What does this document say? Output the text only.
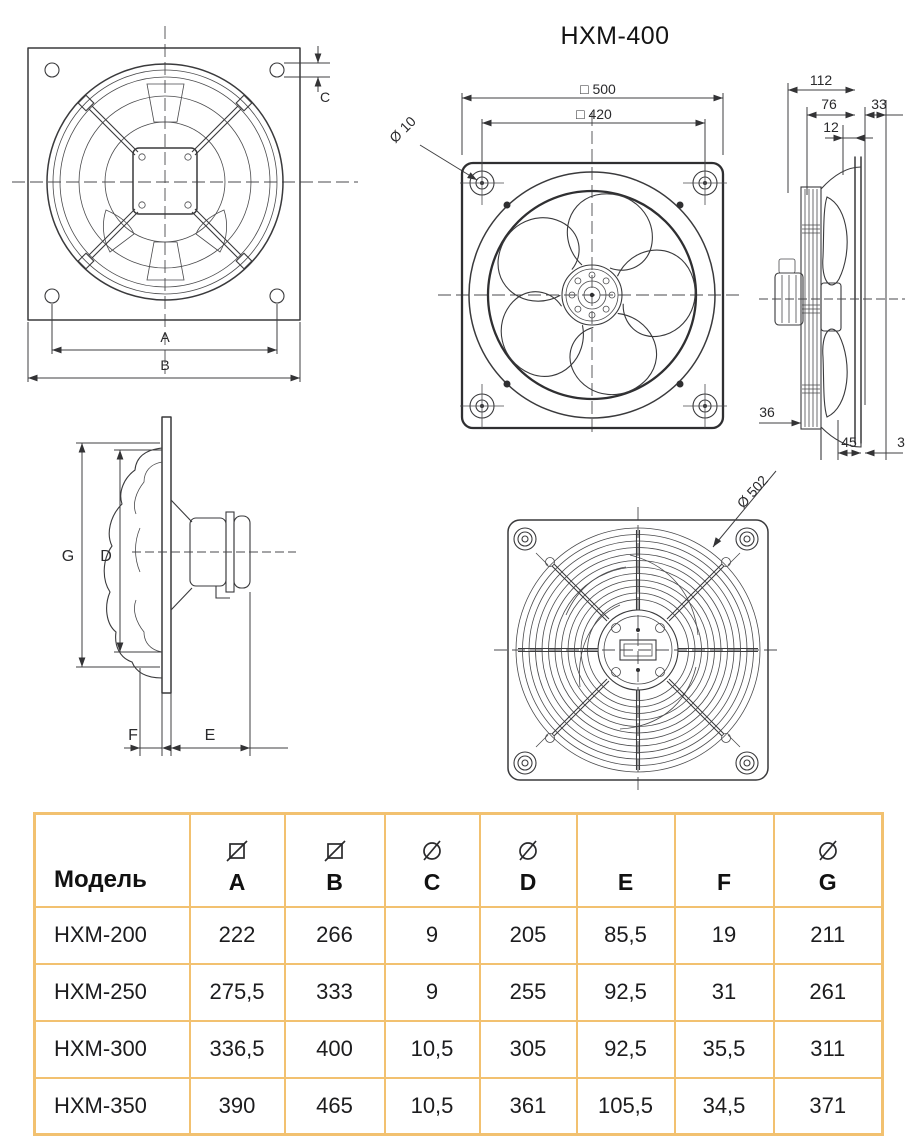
HXM-400
A
B
C	□ 500
□ 420
Ø 10
112
76 33
12
36
45	3
G D
F	E
Ø 502
Модель	A	B	C	D	E	F	G

HXM-200	222	266	9	205	85,5	19	211
HXM-250	275,5	333	9	255	92,5	31	261
HXM-300	336,5	400	10,5	305	92,5	35,5	311
HXM-350	390	465	10,5	361	105,5	34,5	371
